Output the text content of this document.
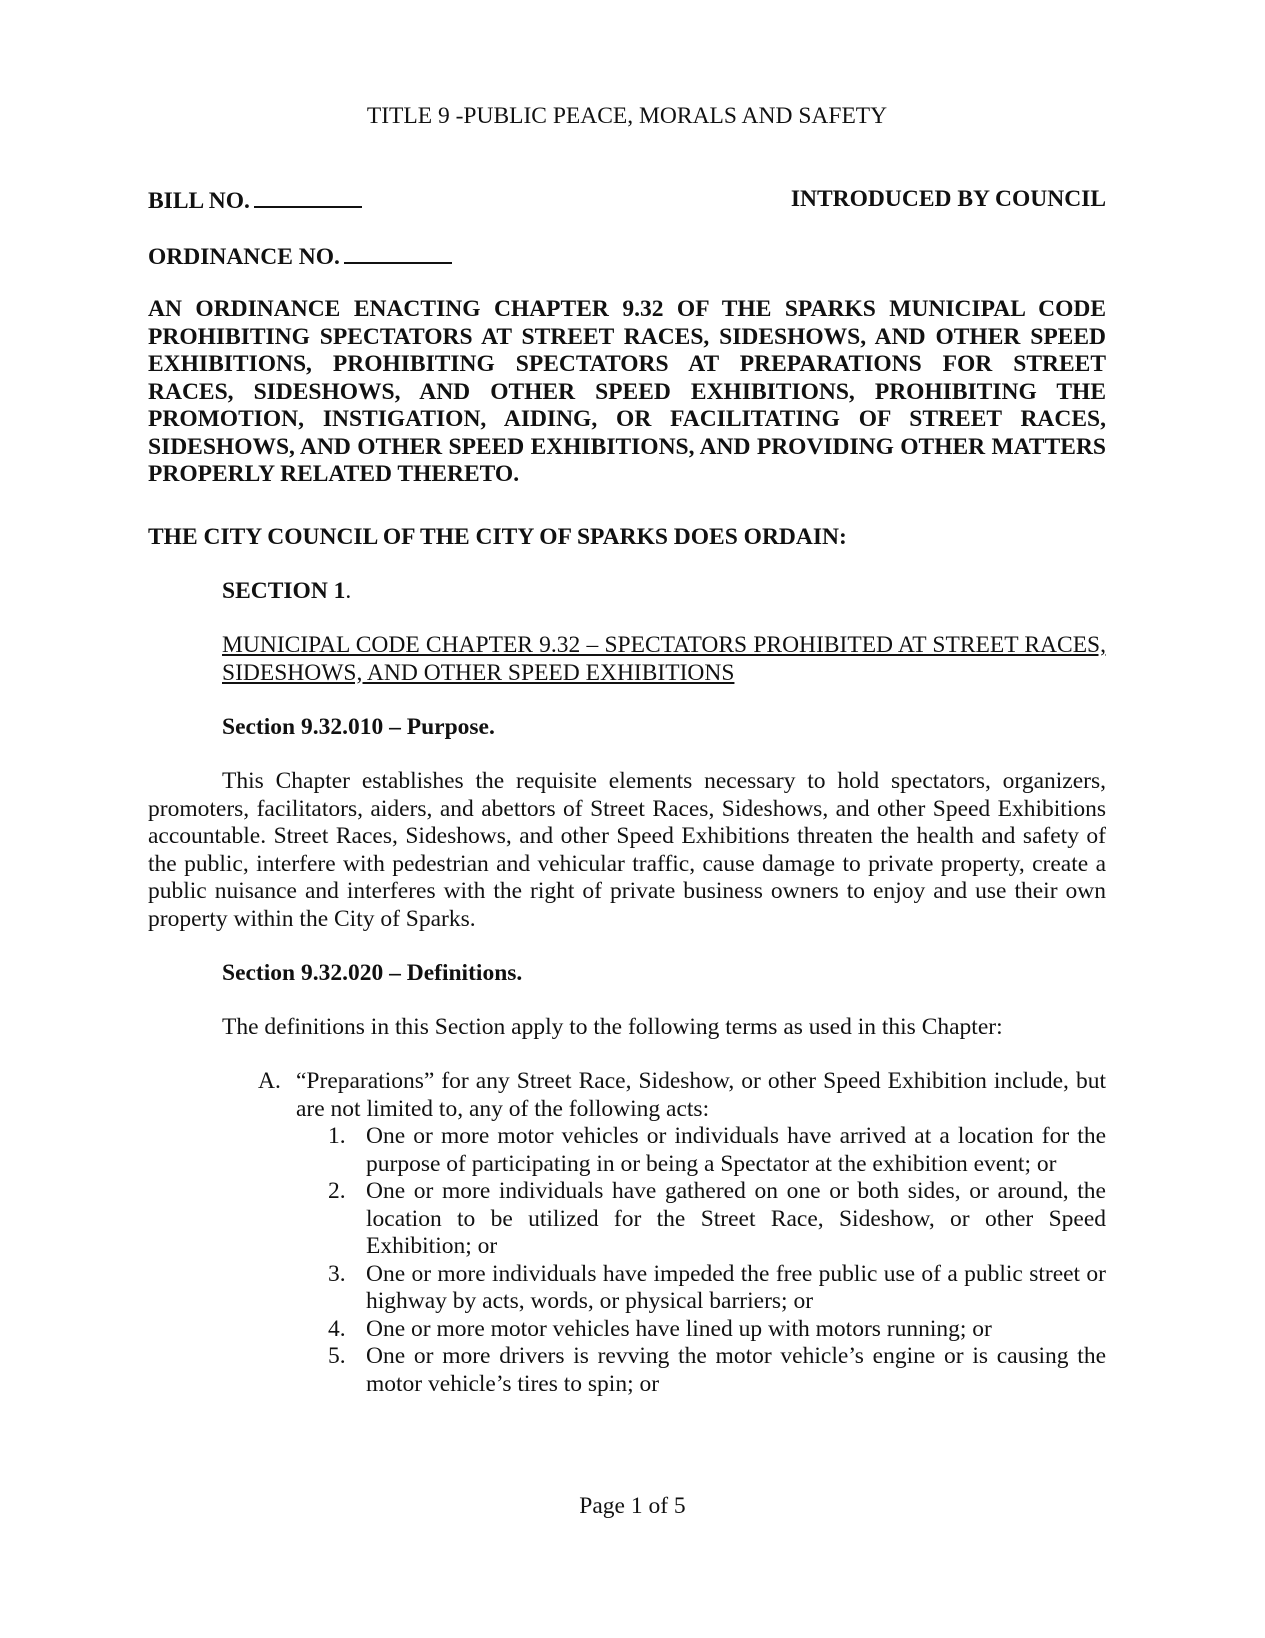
TITLE 9 -PUBLIC PEACE, MORALS AND SAFETY
BILL NO.	INTRODUCED BY COUNCIL
ORDINANCE NO.
AN ORDINANCE ENACTING CHAPTER 9.32 OF THE SPARKS MUNICIPAL CODE PROHIBITING SPECTATORS AT STREET RACES, SIDESHOWS, AND OTHER SPEED EXHIBITIONS, PROHIBITING SPECTATORS AT PREPARATIONS FOR STREET RACES, SIDESHOWS, AND OTHER SPEED EXHIBITIONS, PROHIBITING THE PROMOTION, INSTIGATION, AIDING, OR FACILITATING OF STREET RACES, SIDESHOWS, AND OTHER SPEED EXHIBITIONS, AND PROVIDING OTHER MATTERS PROPERLY RELATED THERETO.
THE CITY COUNCIL OF THE CITY OF SPARKS DOES ORDAIN:
SECTION 1.
MUNICIPAL CODE CHAPTER 9.32 – SPECTATORS PROHIBITED AT STREET RACES, SIDESHOWS, AND OTHER SPEED EXHIBITIONS
Section 9.32.010 – Purpose.
This Chapter establishes the requisite elements necessary to hold spectators, organizers, promoters, facilitators, aiders, and abettors of Street Races, Sideshows, and other Speed Exhibitions accountable. Street Races, Sideshows, and other Speed Exhibitions threaten the health and safety of the public, interfere with pedestrian and vehicular traffic, cause damage to private property, create a public nuisance and interferes with the right of private business owners to enjoy and use their own property within the City of Sparks.
Section 9.32.020 – Definitions.
The definitions in this Section apply to the following terms as used in this Chapter:
A. “Preparations” for any Street Race, Sideshow, or other Speed Exhibition include, but are not limited to, any of the following acts:
1. One or more motor vehicles or individuals have arrived at a location for the purpose of participating in or being a Spectator at the exhibition event; or
2. One or more individuals have gathered on one or both sides, or around, the location to be utilized for the Street Race, Sideshow, or other Speed Exhibition; or
3. One or more individuals have impeded the free public use of a public street or highway by acts, words, or physical barriers; or
4. One or more motor vehicles have lined up with motors running; or
5. One or more drivers is revving the motor vehicle’s engine or is causing the motor vehicle’s tires to spin; or
Page 1 of 5
